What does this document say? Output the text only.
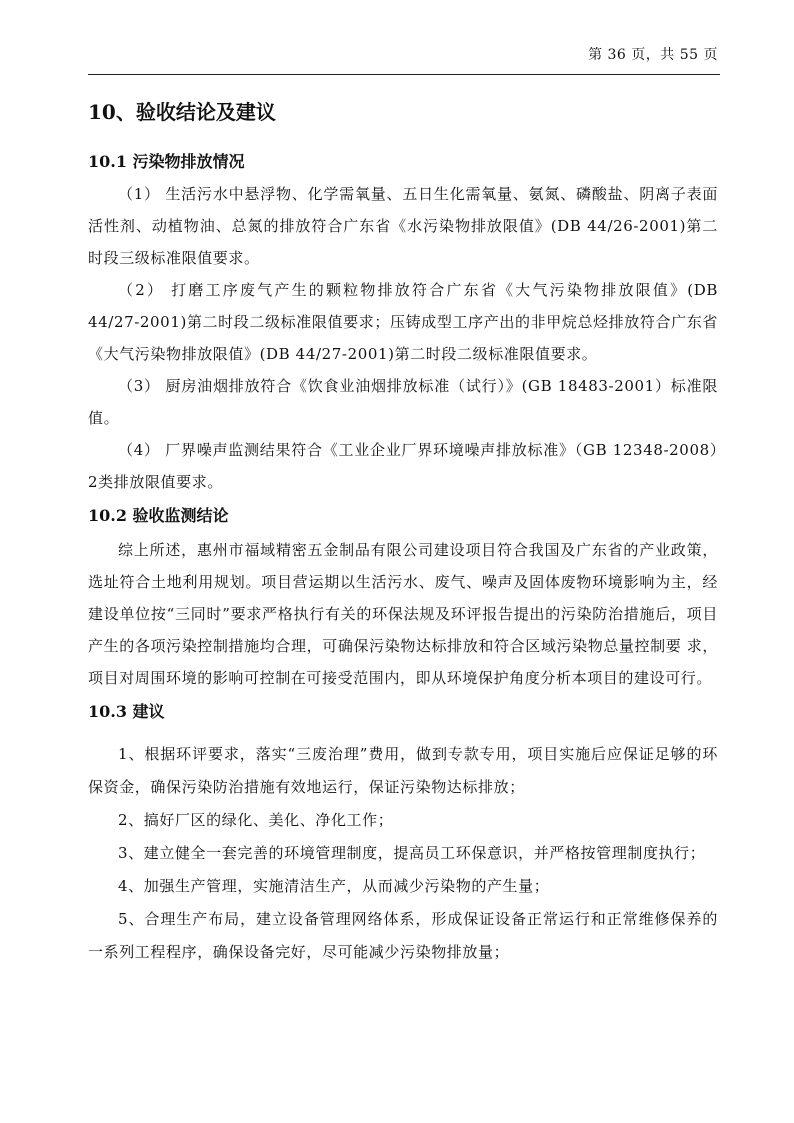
第 36 页，共 55 页
10、验收结论及建议
10.1 污染物排放情况

（1） 生活污水中悬浮物、化学需氧量、五日生化需氧量、氨氮、磷酸盐、阴离子表面活性剂、动植物油、总氮的排放符合广东省《水污染物排放限值》(DB 44/26-2001)第二时段三级标准限值要求。

（2） 打磨工序废气产生的颗粒物排放符合广东省《大气污染物排放限值》(DB 44/27-2001)第二时段二级标准限值要求；压铸成型工序产出的非甲烷总烃排放符合广东省《大气污染物排放限值》(DB 44/27-2001)第二时段二级标准限值要求。

（3） 厨房油烟排放符合《饮食业油烟排放标准（试行）》(GB 18483-2001）标准限值。

（4） 厂界噪声监测结果符合《工业企业厂界环境噪声排放标准》（GB 12348-2008）2类排放限值要求。

10.2 验收监测结论

综上所述，惠州市福域精密五金制品有限公司建设项目符合我国及广东省的产业政策，选址符合土地利用规划。项目营运期以生活污水、废气、噪声及固体废物环境影响为主，经建设单位按“三同时”要求严格执行有关的环保法规及环评报告提出的污染防治措施后，项目产生的各项污染控制措施均合理，可确保污染物达标排放和符合区域污染物总量控制要 求，项目对周围环境的影响可控制在可接受范围内，即从环境保护角度分析本项目的建设可行。

10.3 建议

1、根据环评要求，落实“三废治理”费用，做到专款专用，项目实施后应保证足够的环保资金，确保污染防治措施有效地运行，保证污染物达标排放；

2、搞好厂区的绿化、美化、净化工作；

3、建立健全一套完善的环境管理制度，提高员工环保意识，并严格按管理制度执行；

4、加强生产管理，实施清洁生产，从而减少污染物的产生量；

5、合理生产布局，建立设备管理网络体系，形成保证设备正常运行和正常维修保养的一系列工程程序，确保设备完好，尽可能减少污染物排放量；
